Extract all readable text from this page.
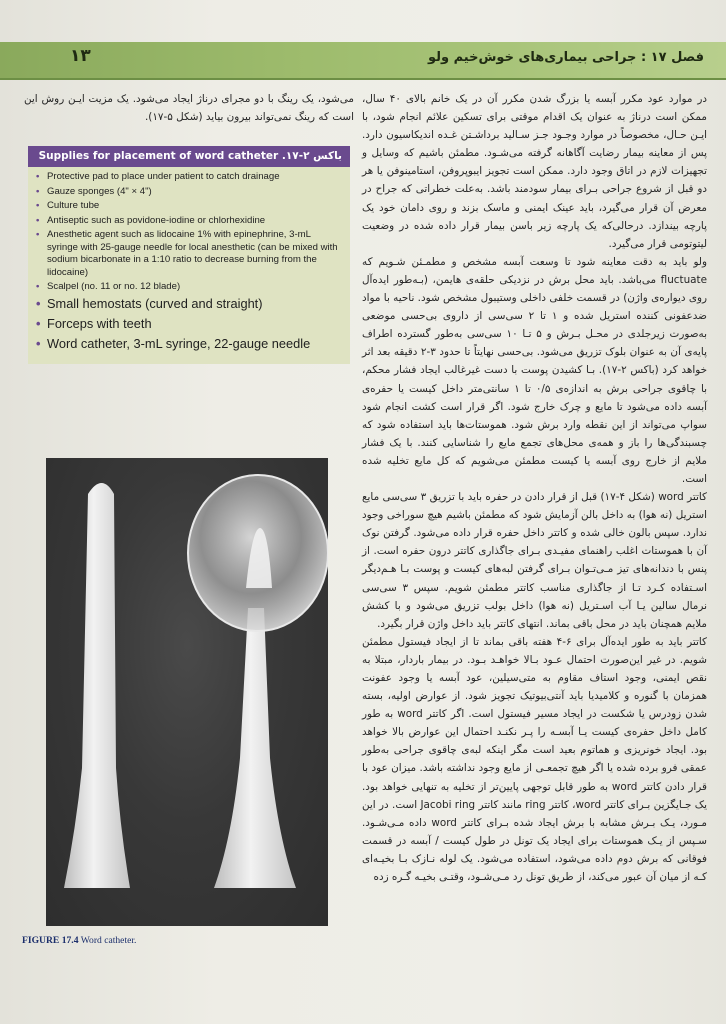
۱۳	فصل ۱۷ : جراحی بیماری‌های خوش‌خیم ولو

در موارد عود مکرر آبسه یا بزرگ شدن مکرر آن در یک خانم بالای ۴۰ سال، ممکن است درناژ به عنوان یک اقدام موقتی برای تسکین علائم انجام شود، با ایـن حـال، مخصوصاً در موارد وجـود جـز سـالید برداشـتن غـده اندیکاسیون دارد. پس از معاینه بیمار رضایت آگاهانه گرفته می‌شـود. مطمئن باشیم که وسایل و تجهیزات لازم در اتاق وجود دارد. ممکن است تجویز ایبوپروفن، استامینوفن یا هر دو قبل از شروع جراحی بـرای بیمار سودمند باشد. به‌علت خطراتی که جراح در معرض آن قرار می‌گیرد، باید عینک ایمنی و ماسک بزند و روی دامان خود یک پارچه بیندازد. درحالی‌که یک پارچه زیر باسن بیمار قرار داده شده در وضعیت لیتوتومی قرار می‌گیرد.

ولو باید به دقت معاینه شود تا وسعت آبسه مشخص و مطمـئن شـویم که fluctuate می‌باشد. باید محل برش در نزدیکی حلقه‌ی هایمن، (بـه‌طور ایده‌آل روی دیواره‌ی واژن) در قسمت خلفی داخلی وستیبول مشخص شود. ناحیه با مواد ضدعفونی کننده استریل شده و ۱ تا ۲ سی‌سی از داروی بی‌حسی موضعی به‌صورت زیرجلدی در محـل بـرش و ۵ تـا ۱۰ سی‌سی به‌طور گسترده اطراف پایه‌ی آن به عنوان بلوک تزریق می‌شود. بی‌حسی نهایتاً تا حدود ۳-۲ دقیقه بعد اثر خواهد کرد (باکس ۲-۱۷). بـا کشیدن پوست با دست غیرغالب ایجاد فشار محکم، با چاقوی جراحی برش به اندازه‌ی ۰/۵ تا ۱ سانتی‌متر داخل کیست یا حفره‌ی آبسه داده می‌شود تا مایع و چرک خارج شود. اگر قرار است کشت انجام شود سواپ می‌تواند از این نقطه وارد برش شود. هموستات‌ها باید استفاده شود که چسبندگی‌ها را باز و همه‌ی محل‌های تجمع مایع را شناسایی کنند. با یک فشار ملایم از خارج روی آبسه یا کیست مطمئن می‌شویم که کل مایع تخلیه شده است.

کاتتر word (شکل ۴-۱۷) قبل از قرار دادن در حفره باید با تزریق ۳ سی‌سی مایع استریل (نه هوا) به داخل بالن آزمایش شود که مطمئن باشیم هیچ سوراخی وجود ندارد. سپس بالون خالی شده و کاتتر داخل حفره قرار داده می‌شود. گرفتن نوک آن با هموستات اغلب راهنمای مفیـدی بـرای جاگذاری کاتتر درون حفره است. از پنس با دندانه‌های تیز مـی‌تـوان بـرای گرفتن لبه‌های کیست و پوست بـا هـم‌دیگر اسـتفاده کـرد تـا از جاگذاری مناسب کاتتر مطمئن شویم. سپس ۳ سی‌سی نرمال سالین یـا آب اسـتریل (نه هوا) داخل بولب تزریق می‌شود و با کشش ملایم همچنان باید در محل باقی بماند. انتهای کاتتر باید داخل واژن قرار بگیرد.

کاتتر باید به طور ایده‌آل برای ۶-۴ هفته باقی بماند تا از ایجاد فیستول مطمئن شویم. در غیر این‌صورت احتمال عـود بـالا خواهـد بـود. در بیمار باردار، مبتلا به نقص ایمنی، وجود استاف مقاوم به متی‌سیلین، عود آبسه یا وجود عفونت همزمان با گنوره و کلامیدیا باید آنتی‌بیوتیک تجویز شود. از عوارض اولیه، بسته شدن زودرس یا شکست در ایجاد مسیر فیستول است. اگر کاتتر word به طور کامل داخل حفره‌ی کیست یـا آبسـه را پـر نکنـد احتمال این عوارض بالا خواهد بود. ایجاد خونریزی و هماتوم بعید است مگر اینکه لبه‌ی چاقوی جراحی به‌طور عمقی فرو برده شده یا اگر هیچ تجمعـی از مایع وجود نداشته باشد. میزان عود با قرار دادن کاتتر word به طور قابل توجهی پایین‌تر از تخلیه به تنهایی خواهد بود. یک جـایگزین بـرای کاتتر word، کاتتر ring مانند کاتتر Jacobi ring است. در این مـورد، یـک بـرش مشابه با برش ایجاد شده بـرای کاتتر word داده مـی‌شـود. سـپس از یـک هموستات برای ایجاد یک تونل در طول کیست / آبسه در قسمت فوقانی که برش دوم داده می‌شود، استفاده می‌شود. یک لوله نـازک بـا بخیـه‌ای کـه از میان آن عبور می‌کند، از طریق تونل رد مـی‌شـود، وقتـی بخیـه گـره زده

می‌شود، یک رینگ با دو مجرای درناژ ایجاد می‌شود. یک مزیت ایـن روش این است که رینگ نمی‌تواند بیرون بیاید (شکل ۵-۱۷).

باکس ۲-۱۷. Supplies for placement of word catheter
• Protective pad to place under patient to catch drainage
• Gauze sponges (4" × 4")
• Culture tube
• Antiseptic such as povidone-iodine or chlorhexidine
• Anesthetic agent such as lidocaine 1% with epinephrine, 3-mL syringe with 25-gauge needle for local anesthetic (can be mixed with sodium bicarbonate in a 1:10 ratio to decrease burning from the lidocaine)
• Scalpel (no. 11 or no. 12 blade)
• Small hemostats (curved and straight)
• Forceps with teeth
• Word catheter, 3-mL syringe, 22-gauge needle
FIGURE 17.4 Word catheter.
